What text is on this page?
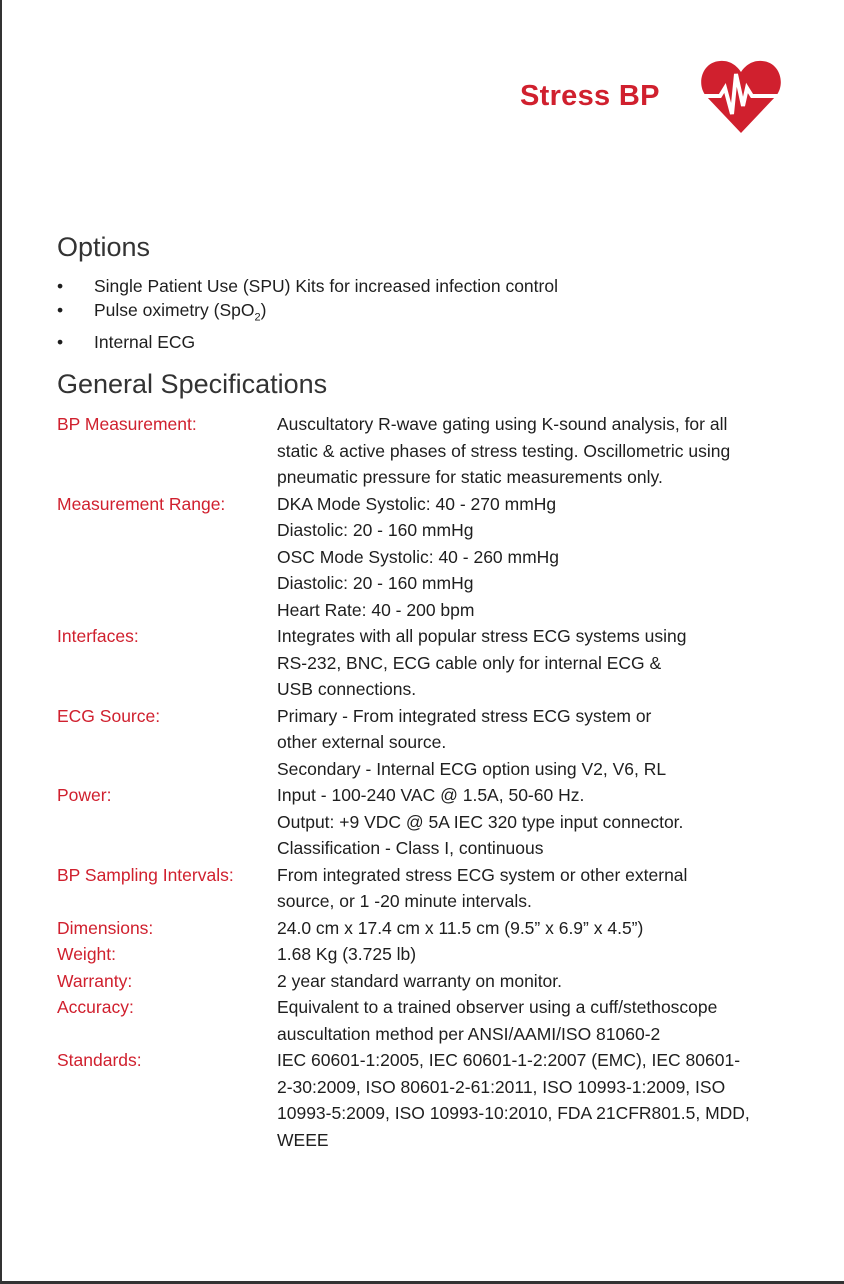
Stress BP
Options
• Single Patient Use (SPU) Kits for increased infection control
• Pulse oximetry (SpO$_2$)
• Internal ECG
General Specifications
BP Measurement:	Auscultatory R-wave gating using K-sound analysis, for all
static & active phases of stress testing. Oscillometric using
pneumatic pressure for static measurements only.
Measurement Range:	DKA Mode Systolic: 40 - 270 mmHg
Diastolic: 20 - 160 mmHg
OSC Mode Systolic: 40 - 260 mmHg
Diastolic: 20 - 160 mmHg
Heart Rate: 40 - 200 bpm
Interfaces:	Integrates with all popular stress ECG systems using
RS-232, BNC, ECG cable only for internal ECG &
USB connections.
ECG Source:	Primary - From integrated stress ECG system or
other external source.
Secondary - Internal ECG option using V2, V6, RL
Power:	Input - 100-240 VAC @ 1.5A, 50-60 Hz.
Output: +9 VDC @ 5A IEC 320 type input connector.
Classification - Class I, continuous
BP Sampling Intervals:	From integrated stress ECG system or other external
source, or 1 -20 minute intervals.
Dimensions:	24.0 cm x 17.4 cm x 11.5 cm (9.5” x 6.9” x 4.5”)
Weight:	1.68 Kg (3.725 lb)
Warranty:	2 year standard warranty on monitor.
Accuracy:	Equivalent to a trained observer using a cuff/stethoscope
auscultation method per ANSI/AAMI/ISO 81060-2
Standards:	IEC 60601-1:2005, IEC 60601-1-2:2007 (EMC), IEC 80601-
2-30:2009, ISO 80601-2-61:2011, ISO 10993-1:2009, ISO
10993-5:2009, ISO 10993-10:2010, FDA 21CFR801.5, MDD,
WEEE
